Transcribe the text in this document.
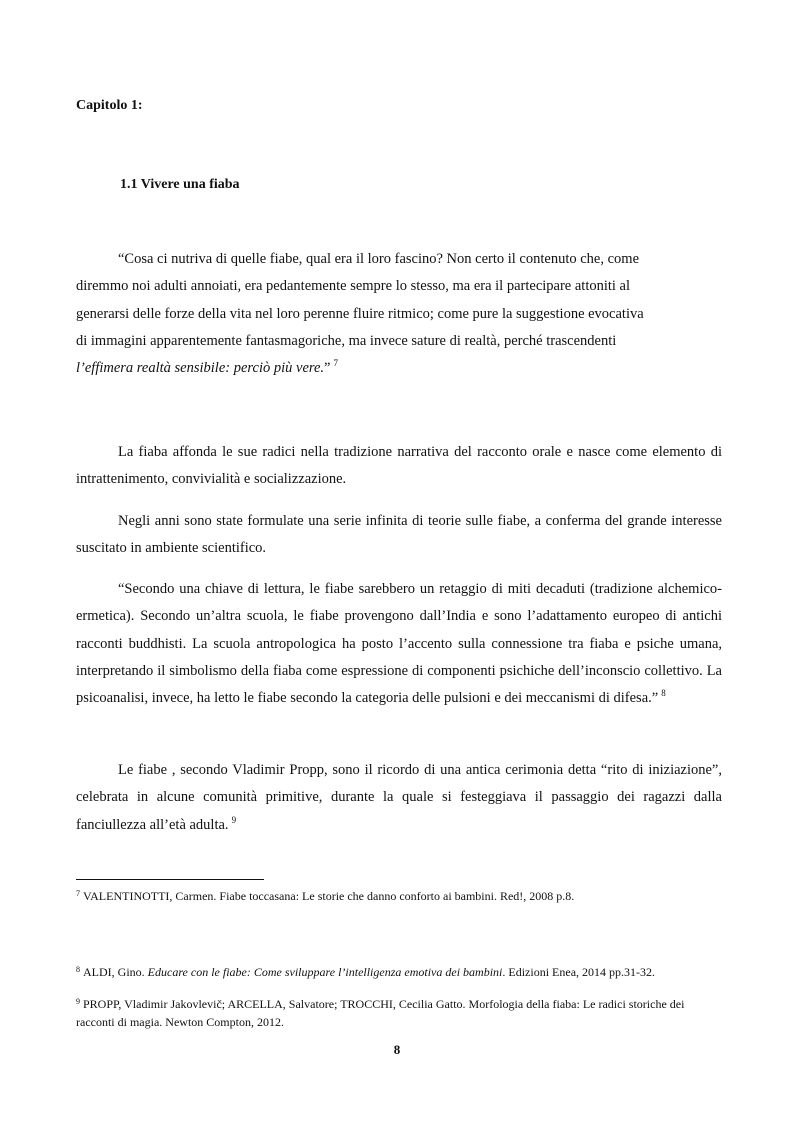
Capitolo 1:
1.1 Vivere una fiaba
“Cosa ci nutriva di quelle fiabe, qual era il loro fascino? Non certo il contenuto che, come
diremmo noi adulti annoiati, era pedantemente sempre lo stesso, ma era il partecipare attoniti al
generarsi delle forze della vita nel loro perenne fluire ritmico; come pure la suggestione evocativa
di immagini apparentemente fantasmagoriche, ma invece sature di realtà, perché trascendenti
l’effimera realtà sensibile: perciò più vere.” $^7$
La fiaba affonda le sue radici nella tradizione narrativa del racconto orale e nasce come elemento di intrattenimento, convivialità e socializzazione.
Negli anni sono state formulate una serie infinita di teorie sulle fiabe, a conferma del grande interesse suscitato in ambiente scientifico.
“Secondo una chiave di lettura, le fiabe sarebbero un retaggio di miti decaduti (tradizione alchemico-ermetica). Secondo un’altra scuola, le fiabe provengono dall’India e sono l’adattamento europeo di antichi racconti buddhisti. La scuola antropologica ha posto l’accento sulla connessione tra fiaba e psiche umana, interpretando il simbolismo della fiaba come espressione di componenti psichiche dell’inconscio collettivo. La psicoanalisi, invece, ha letto le fiabe secondo la categoria delle pulsioni e dei meccanismi di difesa.” $^8$
Le fiabe , secondo Vladimir Propp, sono il ricordo di una antica cerimonia detta “rito di iniziazione”, celebrata in alcune comunità primitive, durante la quale si festeggiava il passaggio dei ragazzi dalla fanciullezza all’età adulta. $^9$
$^7$ VALENTINOTTI, Carmen. Fiabe toccasana: Le storie che danno conforto ai bambini. Red!, 2008 p.8.
$^8$ ALDI, Gino. Educare con le fiabe: Come sviluppare l’intelligenza emotiva dei bambini. Edizioni Enea, 2014 pp.31-32.
$^9$ PROPP, Vladimir Jakovlevič; ARCELLA, Salvatore; TROCCHI, Cecilia Gatto. Morfologia della fiaba: Le radici storiche dei racconti di magia. Newton Compton, 2012.
8
